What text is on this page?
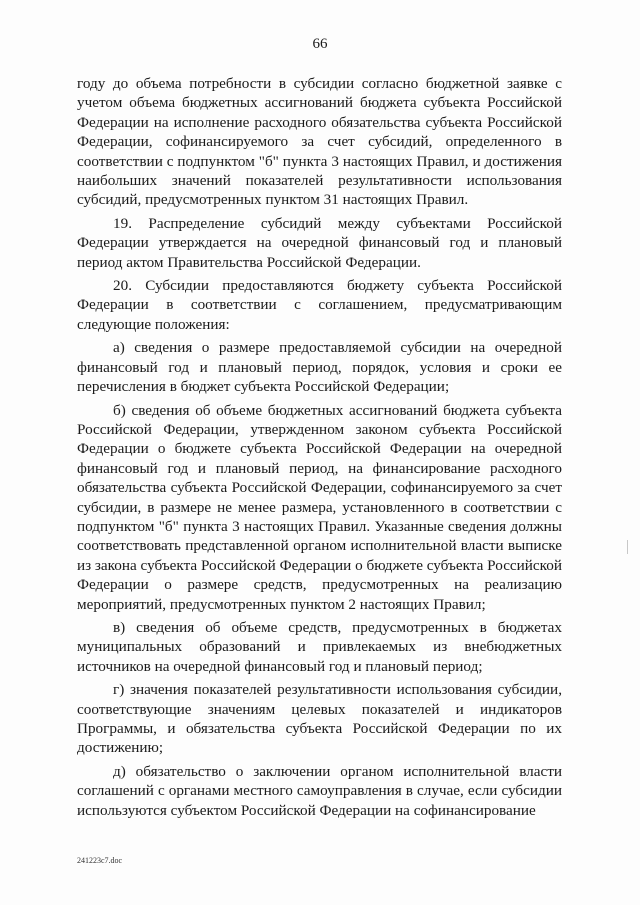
66

году до объема потребности в субсидии согласно бюджетной заявке с учетом объема бюджетных ассигнований бюджета субъекта Российской Федерации на исполнение расходного обязательства субъекта Российской Федерации, софинансируемого за счет субсидий, определенного в соответствии с подпунктом "б" пункта 3 настоящих Правил, и достижения наибольших значений показателей результативности использования субсидий, предусмотренных пунктом 31 настоящих Правил.

19. Распределение субсидий между субъектами Российской Федерации утверждается на очередной финансовый год и плановый период актом Правительства Российской Федерации.

20. Субсидии предоставляются бюджету субъекта Российской Федерации в соответствии с соглашением, предусматривающим следующие положения:

а) сведения о размере предоставляемой субсидии на очередной финансовый год и плановый период, порядок, условия и сроки ее перечисления в бюджет субъекта Российской Федерации;

б) сведения об объеме бюджетных ассигнований бюджета субъекта Российской Федерации, утвержденном законом субъекта Российской Федерации о бюджете субъекта Российской Федерации на очередной финансовый год и плановый период, на финансирование расходного обязательства субъекта Российской Федерации, софинансируемого за счет субсидии, в размере не менее размера, установленного в соответствии с подпунктом "б" пункта 3 настоящих Правил. Указанные сведения должны соответствовать представленной органом исполнительной власти выписке из закона субъекта Российской Федерации о бюджете субъекта Российской Федерации о размере средств, предусмотренных на реализацию мероприятий, предусмотренных пунктом 2 настоящих Правил;

в) сведения об объеме средств, предусмотренных в бюджетах муниципальных образований и привлекаемых из внебюджетных источников на очередной финансовый год и плановый период;

г) значения показателей результативности использования субсидии, соответствующие значениям целевых показателей и индикаторов Программы, и обязательства субъекта Российской Федерации по их достижению;

д) обязательство о заключении органом исполнительной власти соглашений с органами местного самоуправления в случае, если субсидии используются субъектом Российской Федерации на софинансирование

241223c7.doc
